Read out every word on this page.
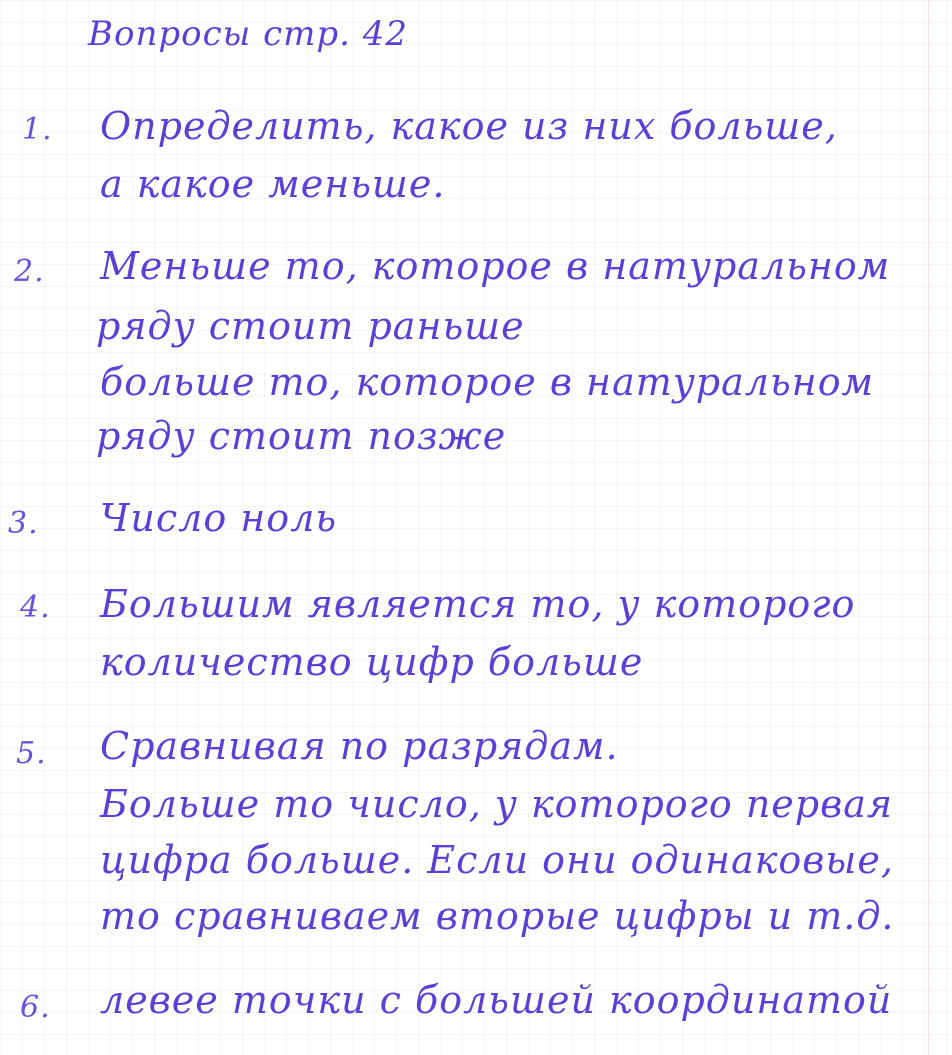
Вопросы стр. 42
1. Определить, какое из них больше,
а какое меньше.
2. Меньше то, которое в натуральном
ряду стоит раньше
больше то, которое в натуральном
ряду стоит позже
3. Число ноль
4. Большим является то, у которого
количество цифр больше
5. Сравнивая по разрядам.
Больше то число, у которого первая
цифра больше. Если они одинаковые,
то сравниваем вторые цифры и т.д.
6. левее точки с большей координатой
